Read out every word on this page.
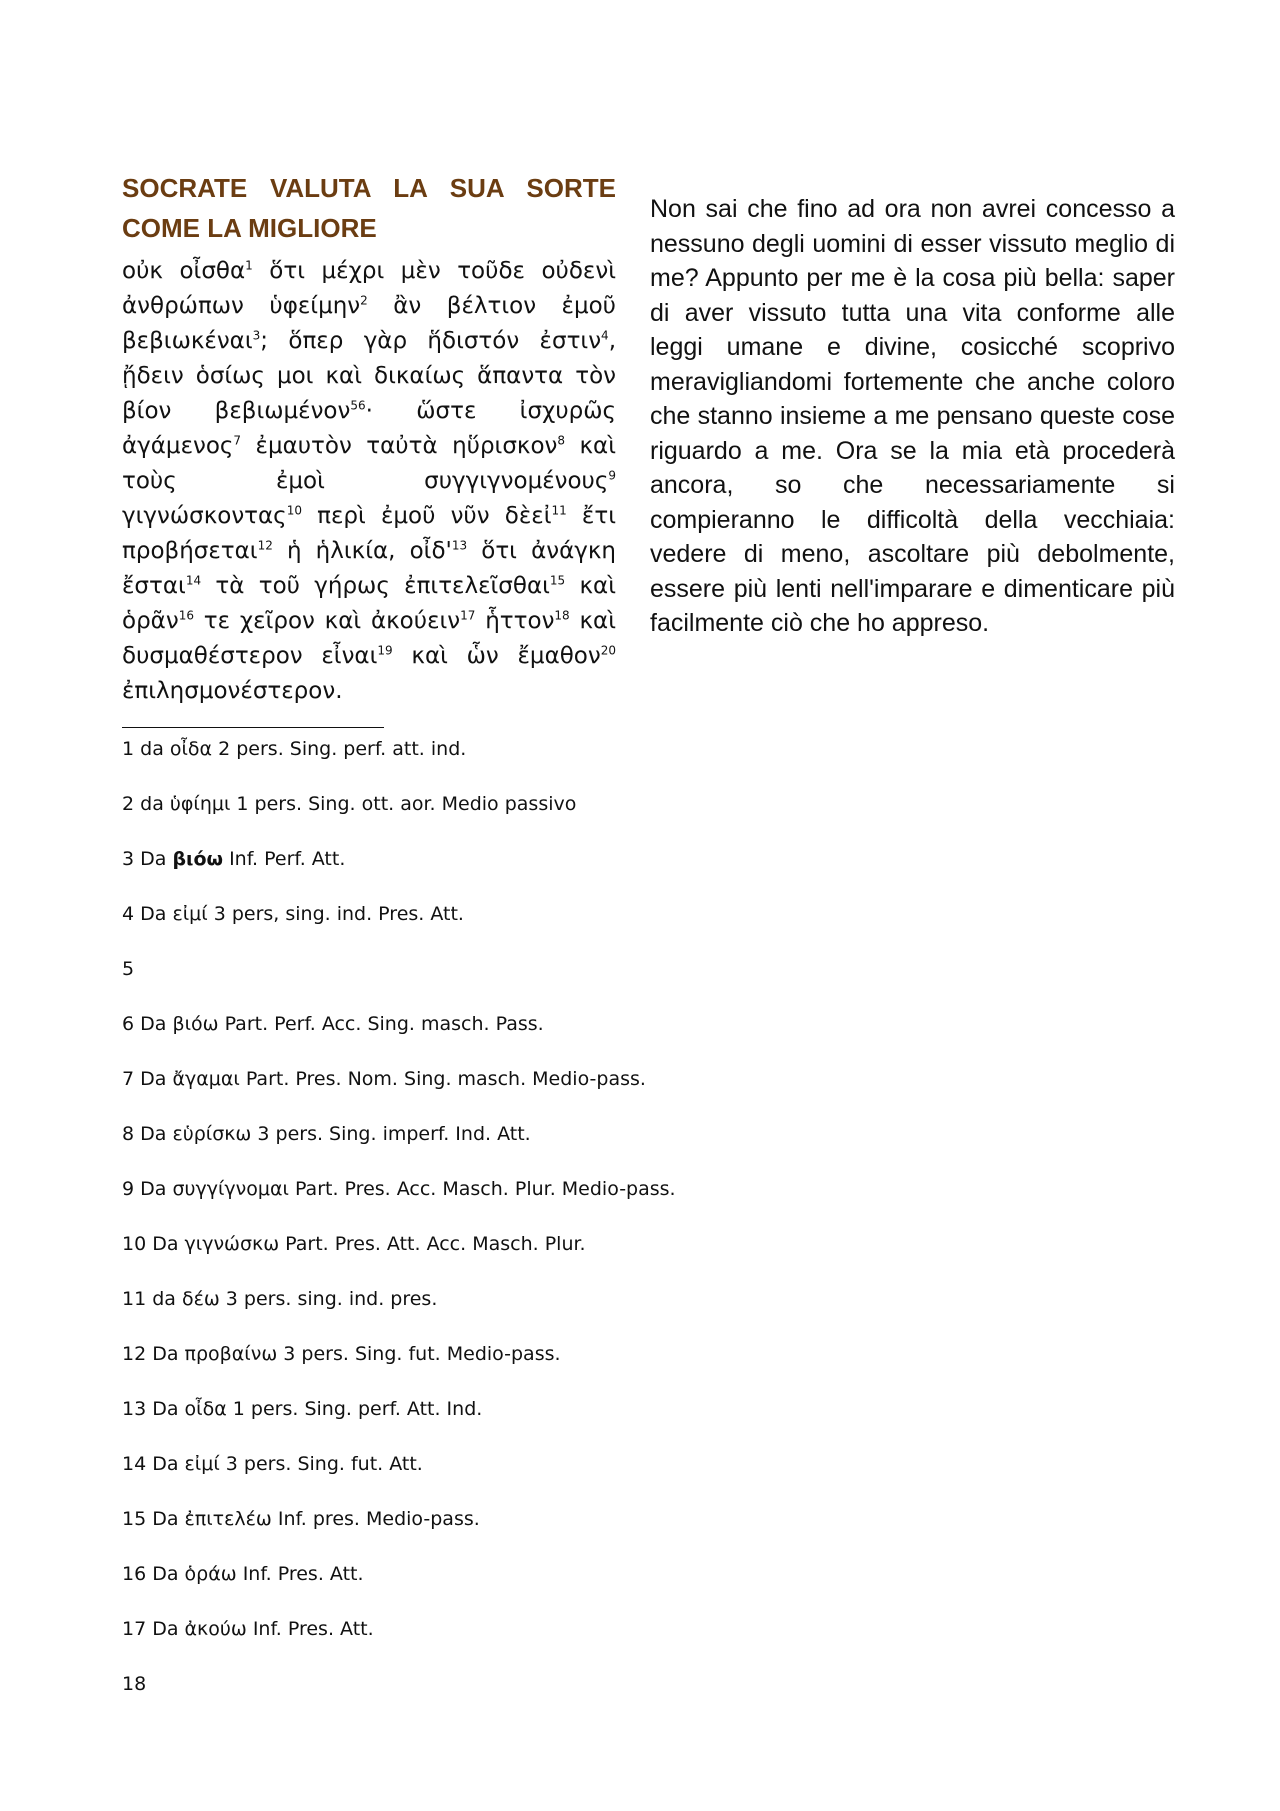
SOCRATE VALUTA LA SUA SORTE COME LA MIGLIORE

οὐκ οἶσθα$^1$ ὅτι μέχρι μὲν τοῦδε οὐδενὶ ἀνθρώπων ὑφείμην$^2$ ἂν βέλτιον ἐμοῦ βεβιωκέναι$^3$; ὅπερ γὰρ ἥδιστόν ἐστιν$^4$, ᾔδειν ὁσίως μοι καὶ δικαίως ἅπαντα τὸν βίον βεβιωμένον$^{56}$· ὥστε ἰσχυρῶς ἀγάμενος$^7$ ἐμαυτὸν ταὐτὰ ηὕρισκον$^8$ καὶ τοὺς ἐμοὶ συγγιγνομένους$^9$ γιγνώσκοντας$^{10}$ περὶ ἐμοῦ νῦν δὲεἰ$^{11}$ ἔτι προβήσεται$^{12}$ ἡ ἡλικία, $oἶ\delta'^{13}$ ὅτι ἀνάγκη ἔσται$^{14}$ τὰ τοῦ γήρως ἐπιτελεῖσθαι$^{15}$ καὶ ὁρᾶν$^{16}$ τε χεῖρον καὶ ἀκούειν$^{17}$ ἧττον$^{18}$ καὶ δυσμαθέστερον εἶναι$^{19}$ καὶ ὧν ἔμαθον$^{20}$ ἐπιλησμονέστερον.

Non sai che fino ad ora non avrei concesso a nessuno degli uomini di esser vissuto meglio di me? Appunto per me è la cosa più bella: saper di aver vissuto tutta una vita conforme alle leggi umane e divine, cosicché scoprivo meravigliandomi fortemente che anche coloro che stanno insieme a me pensano queste cose riguardo a me. Ora se la mia età procederà ancora, so che necessariamente si compieranno le difficoltà della vecchiaia: vedere di meno, ascoltare più debolmente, essere più lenti nell'imparare e dimenticare più facilmente ciò che ho appreso.

1 da οἶδα 2 pers. Sing. perf. att. ind.
2 da ὑφίημι 1 pers. Sing. ott. aor. Medio passivo
3 Da βιόω Inf. Perf. Att.
4 Da εἰμί 3 pers, sing. ind. Pres. Att.
5
6 Da βιόω Part. Perf. Acc. Sing. masch. Pass.
7 Da ἄγαμαι Part. Pres. Nom. Sing. masch. Medio-pass.
8 Da εὑρίσκω 3 pers. Sing. imperf. Ind. Att.
9 Da συγγίγνομαι Part. Pres. Acc. Masch. Plur. Medio-pass.
10 Da γιγνώσκω Part. Pres. Att. Acc. Masch. Plur.
11 da δέω 3 pers. sing. ind. pres.
12 Da προβαίνω 3 pers. Sing. fut. Medio-pass.
13 Da οἶδα 1 pers. Sing. perf. Att. Ind.
14 Da εἰμί 3 pers. Sing. fut. Att.
15 Da ἐπιτελέω Inf. pres. Medio-pass.
16 Da ὁράω Inf. Pres. Att.
17 Da ἀκούω Inf. Pres. Att.
18
